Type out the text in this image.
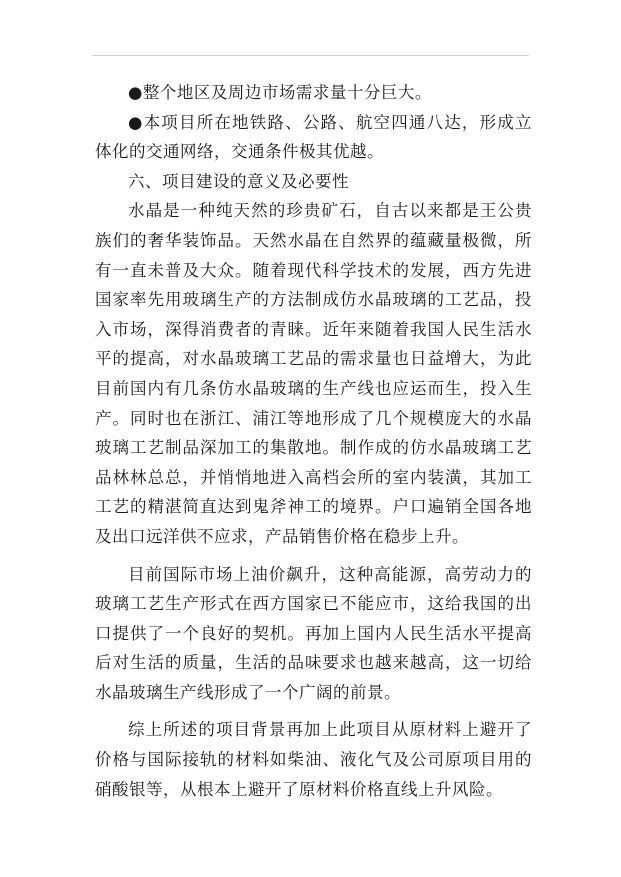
●整个地区及周边市场需求量十分巨大。

●本项目所在地铁路、公路、航空四通八达，形成立体化的交通网络，交通条件极其优越。

六、项目建设的意义及必要性

水晶是一种纯天然的珍贵矿石，自古以来都是王公贵族们的奢华装饰品。天然水晶在自然界的蕴藏量极微，所有一直未普及大众。随着现代科学技术的发展，西方先进国家率先用玻璃生产的方法制成仿水晶玻璃的工艺品，投入市场，深得消费者的青睐。近年来随着我国人民生活水平的提高，对水晶玻璃工艺品的需求量也日益增大，为此目前国内有几条仿水晶玻璃的生产线也应运而生，投入生产。同时也在浙江、浦江等地形成了几个规模庞大的水晶玻璃工艺制品深加工的集散地。制作成的仿水晶玻璃工艺品林林总总，并悄悄地进入高档会所的室内装潢，其加工工艺的精湛简直达到鬼斧神工的境界。户口遍销全国各地及出口远洋供不应求，产品销售价格在稳步上升。

目前国际市场上油价飙升，这种高能源，高劳动力的玻璃工艺生产形式在西方国家已不能应市，这给我国的出口提供了一个良好的契机。再加上国内人民生活水平提高后对生活的质量，生活的品味要求也越来越高，这一切给水晶玻璃生产线形成了一个广阔的前景。

综上所述的项目背景再加上此项目从原材料上避开了价格与国际接轨的材料如柴油、液化气及公司原项目用的硝酸银等，从根本上避开了原材料价格直线上升风险。
